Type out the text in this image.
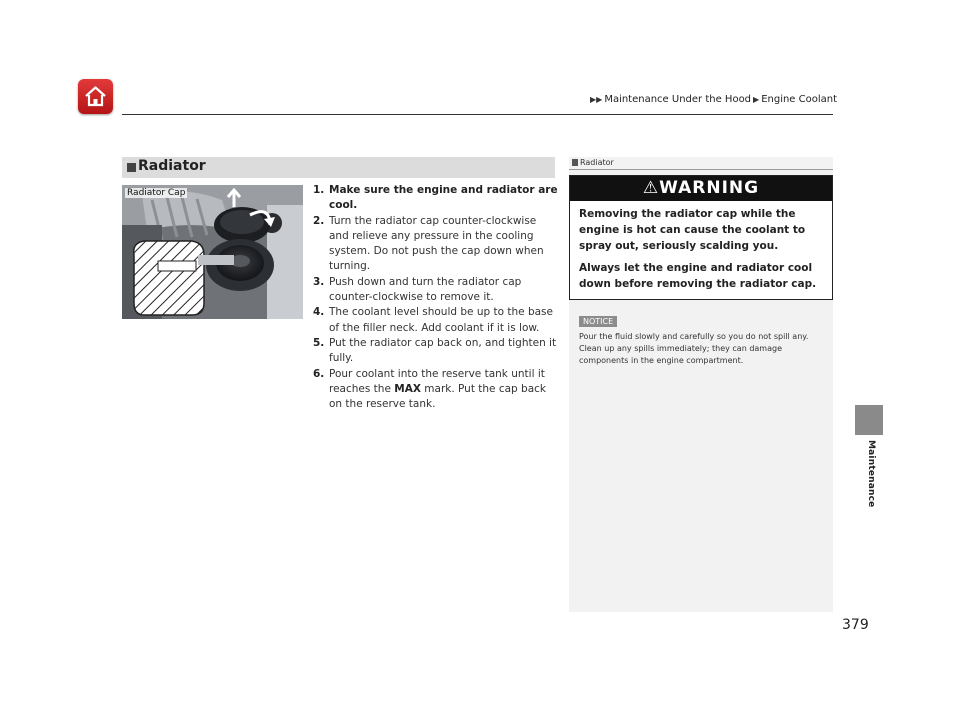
▶▶ Maintenance Under the Hood ▶ Engine Coolant
Maintenance
Radiator
Radiator Cap	1. Make sure the engine and radiator are cool.
2. Turn the radiator cap counter-clockwise and relieve any pressure in the cooling system. Do not push the cap down when turning.
3. Push down and turn the radiator cap counter-clockwise to remove it.
4. The coolant level should be up to the base of the filler neck. Add coolant if it is low.
5. Put the radiator cap back on, and tighten it fully.
6. Pour coolant into the reserve tank until it reaches the MAX mark. Put the cap back on the reserve tank.
Radiator
⚠WARNING
Removing the radiator cap while the engine is hot can cause the coolant to spray out, seriously scalding you.
Always let the engine and radiator cool down before removing the radiator cap.
NOTICE
Pour the fluid slowly and carefully so you do not spill any. Clean up any spills immediately; they can damage components in the engine compartment.
379
